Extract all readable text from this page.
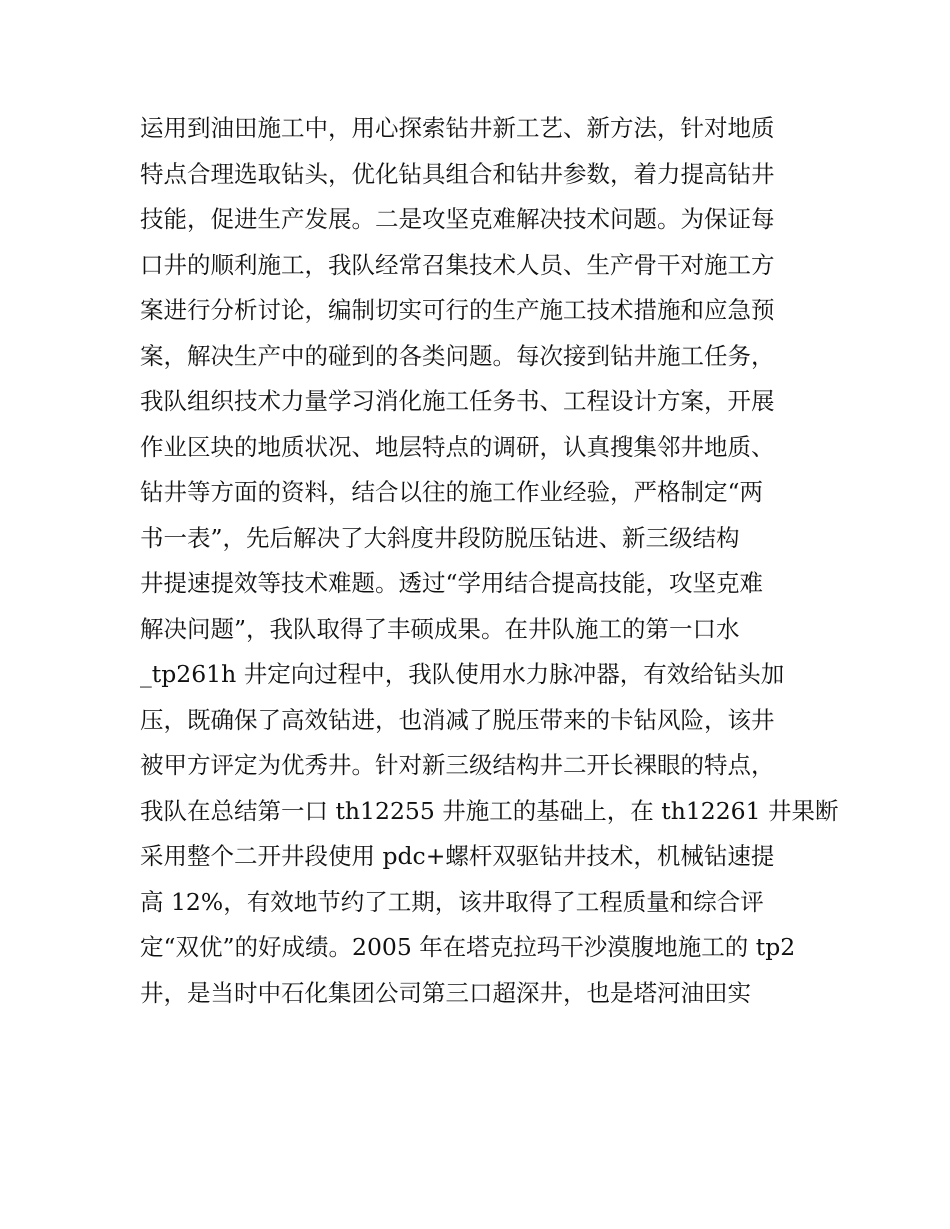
运用到油田施工中，用心探索钻井新工艺、新方法，针对地质
特点合理选取钻头，优化钻具组合和钻井参数，着力提高钻井
技能，促进生产发展。二是攻坚克难解决技术问题。为保证每
口井的顺利施工，我队经常召集技术人员、生产骨干对施工方
案进行分析讨论，编制切实可行的生产施工技术措施和应急预
案，解决生产中的碰到的各类问题。每次接到钻井施工任务，
我队组织技术力量学习消化施工任务书、工程设计方案，开展
作业区块的地质状况、地层特点的调研，认真搜集邻井地质、
钻井等方面的资料，结合以往的施工作业经验，严格制定“两
书一表”，先后解决了大斜度井段防脱压钻进、新三级结构
井提速提效等技术难题。透过“学用结合提高技能，攻坚克难
解决问题”，我队取得了丰硕成果。在井队施工的第一口水
_tp261h 井定向过程中，我队使用水力脉冲器，有效给钻头加
压，既确保了高效钻进，也消减了脱压带来的卡钻风险，该井
被甲方评定为优秀井。针对新三级结构井二开长裸眼的特点，
我队在总结第一口 th12255 井施工的基础上，在 th12261 井果断
采用整个二开井段使用 pdc+螺杆双驱钻井技术，机械钻速提
高 12%，有效地节约了工期，该井取得了工程质量和综合评
定“双优”的好成绩。2005 年在塔克拉玛干沙漠腹地施工的 tp2
井，是当时中石化集团公司第三口超深井，也是塔河油田实
